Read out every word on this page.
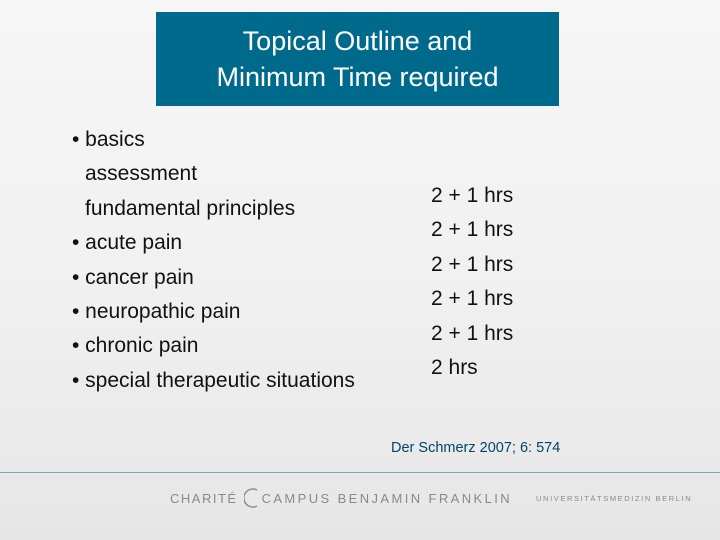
Topical Outline and
Minimum Time required
• basics
assessment
fundamental principles
• acute pain
• cancer pain
• neuropathic pain
• chronic pain
• special therapeutic situations
2 + 1 hrs
2 + 1 hrs
2 + 1 hrs
2 + 1 hrs
2 + 1 hrs
2 hrs
Der Schmerz 2007; 6: 574
CHARITÉ CAMPUS BENJAMIN FRANKLIN	UNIVERSITÄTSMEDIZIN BERLIN
